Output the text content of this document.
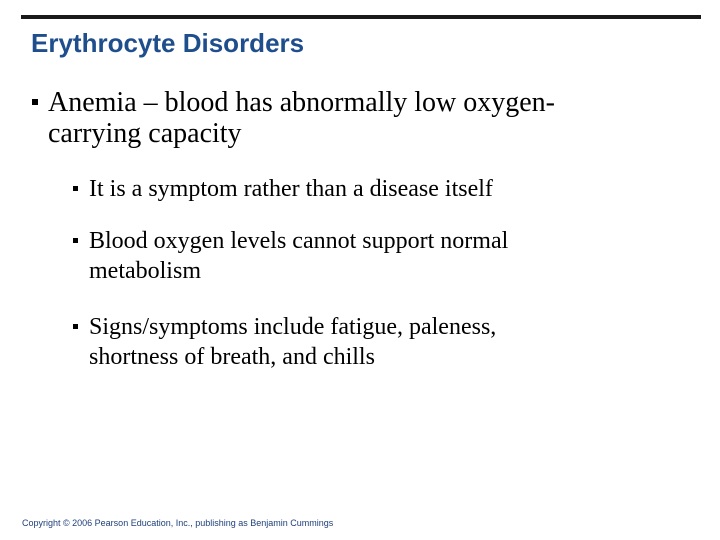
Erythrocyte Disorders
Anemia – blood has abnormally low oxygen-
carrying capacity
It is a symptom rather than a disease itself
Blood oxygen levels cannot support normal
metabolism
Signs/symptoms include fatigue, paleness,
shortness of breath, and chills
Copyright © 2006 Pearson Education, Inc., publishing as Benjamin Cummings
